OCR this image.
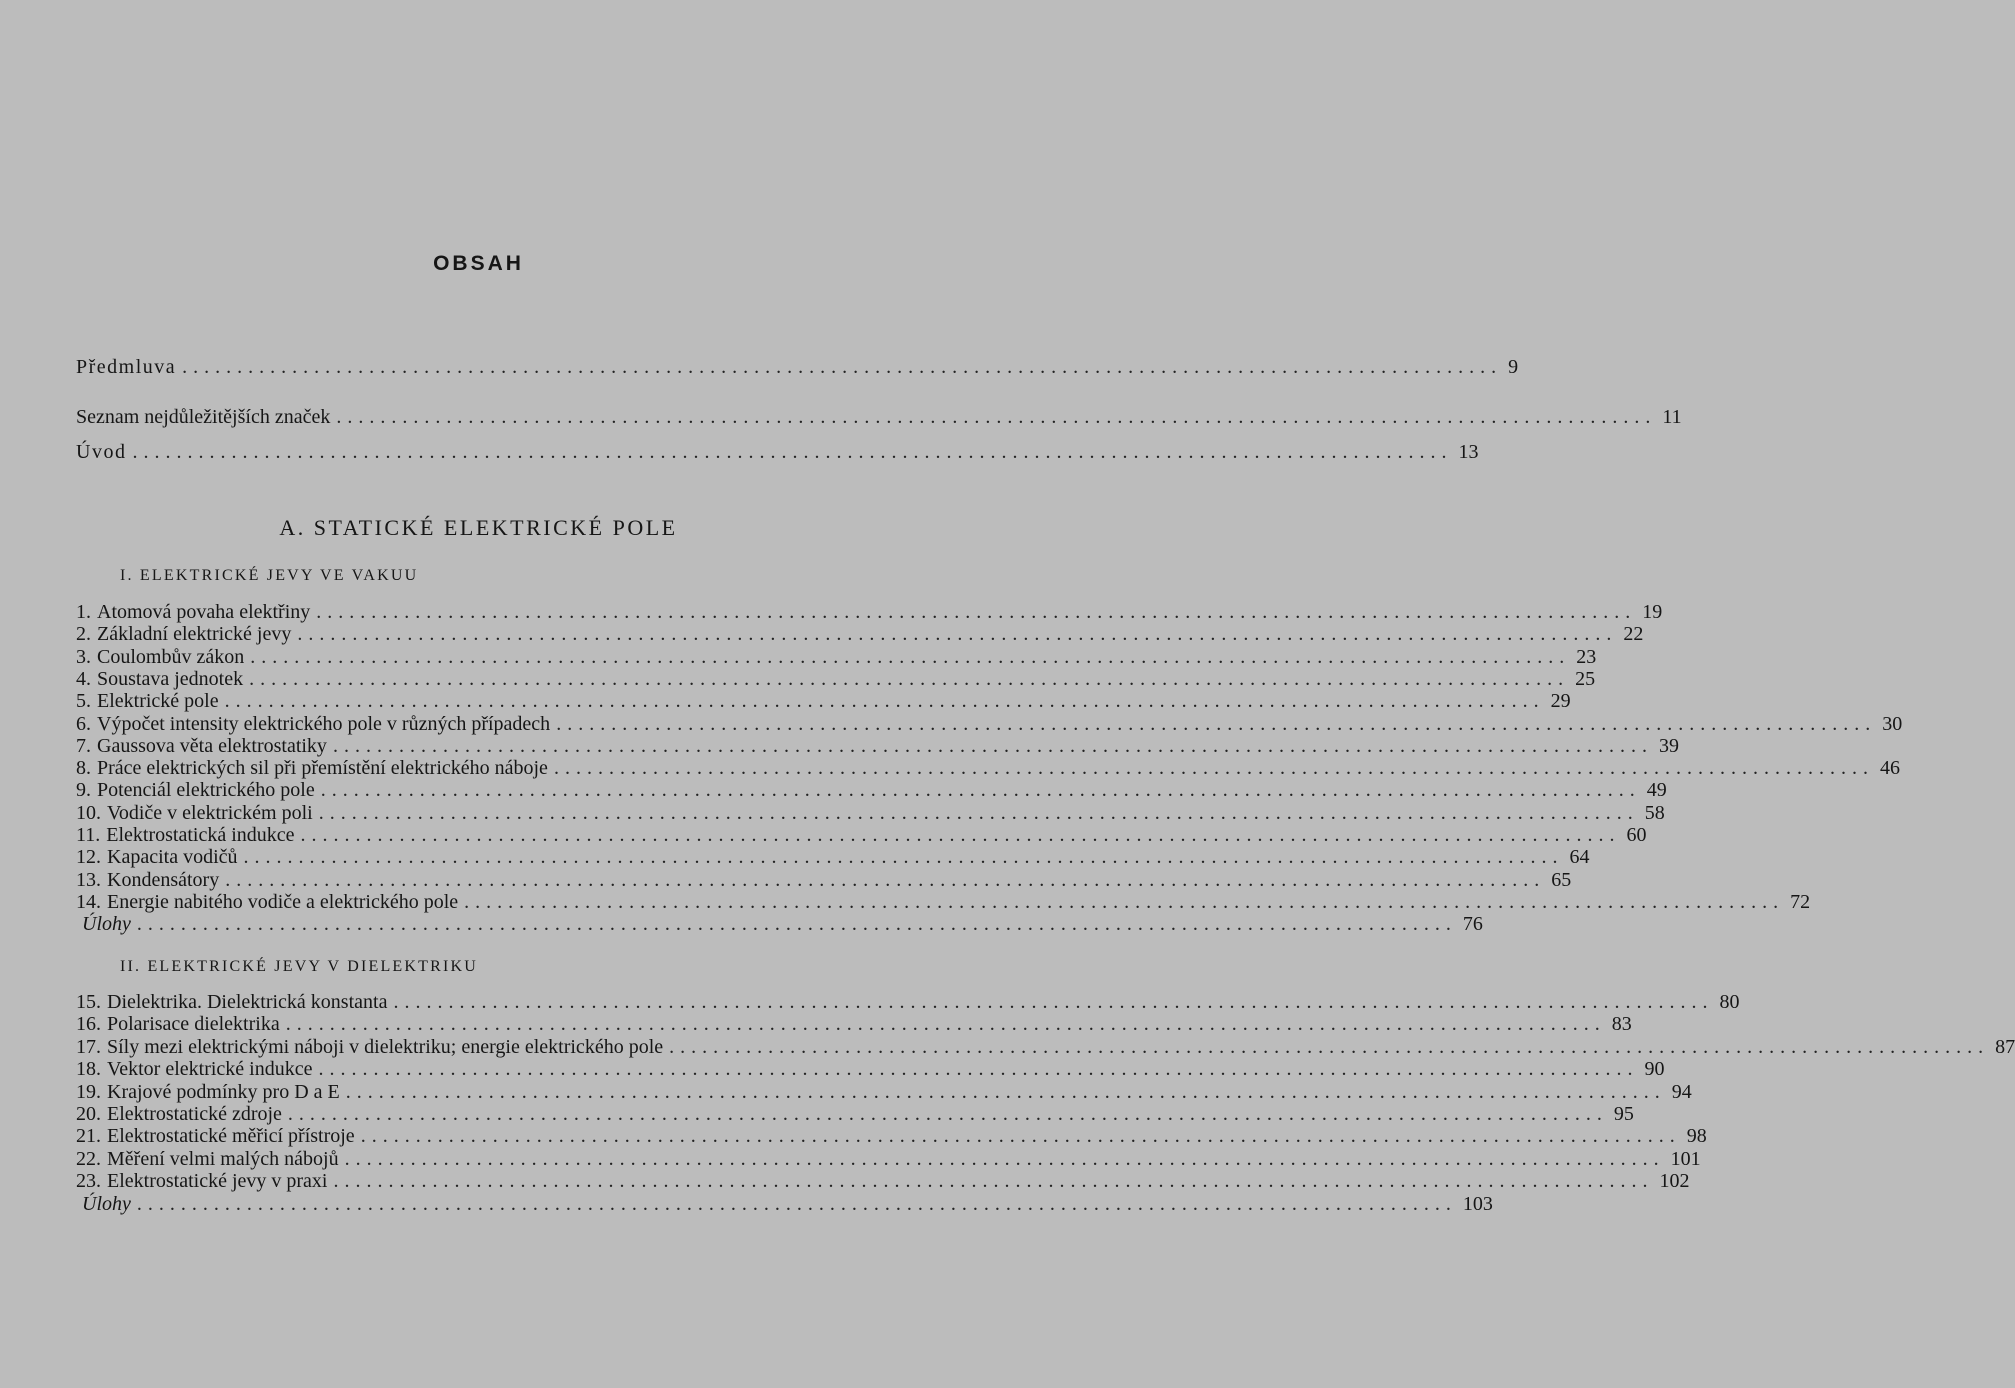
OBSAH
Předmluva ........................................................................................................................ 9
Seznam nejdůležitějších značek ........................................................................................................................ 11
Úvod ........................................................................................................................ 13
A. STATICKÉ ELEKTRICKÉ POLE
I. ELEKTRICKÉ JEVY VE VAKUU
1. Atomová povaha elektřiny ........................................................................................................................ 19
2. Základní elektrické jevy ........................................................................................................................ 22
3. Coulombův zákon ........................................................................................................................ 23
4. Soustava jednotek ........................................................................................................................ 25
5. Elektrické pole ........................................................................................................................ 29
6. Výpočet intensity elektrického pole v různých případech ........................................................................................................................ 30
7. Gaussova věta elektrostatiky ........................................................................................................................ 39
8. Práce elektrických sil při přemístění elektrického náboje ........................................................................................................................ 46
9. Potenciál elektrického pole ........................................................................................................................ 49
10. Vodiče v elektrickém poli ........................................................................................................................ 58
11. Elektrostatická indukce ........................................................................................................................ 60
12. Kapacita vodičů ........................................................................................................................ 64
13. Kondensátory ........................................................................................................................ 65
14. Energie nabitého vodiče a elektrického pole ........................................................................................................................ 72
Úlohy ........................................................................................................................ 76
II. ELEKTRICKÉ JEVY V DIELEKTRIKU
15. Dielektrika. Dielektrická konstanta ........................................................................................................................ 80
16. Polarisace dielektrika ........................................................................................................................ 83
17. Síly mezi elektrickými náboji v dielektriku; energie elektrického pole ........................................................................................................................ 87
18. Vektor elektrické indukce ........................................................................................................................ 90
19. Krajové podmínky pro D a E ........................................................................................................................ 94
20. Elektrostatické zdroje ........................................................................................................................ 95
21. Elektrostatické měřicí přístroje ........................................................................................................................ 98
22. Měření velmi malých nábojů ........................................................................................................................ 101
23. Elektrostatické jevy v praxi ........................................................................................................................ 102
Úlohy ........................................................................................................................ 103
